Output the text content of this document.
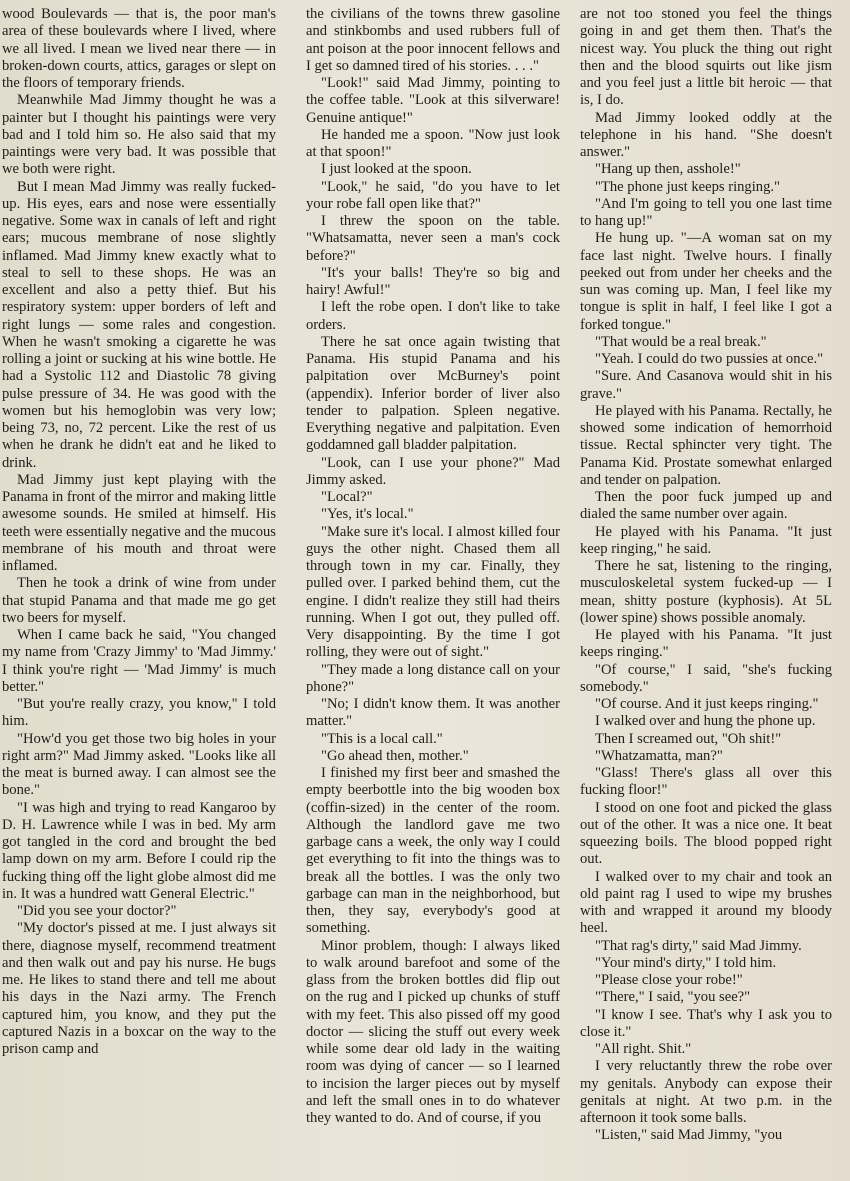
wood Boulevards — that is, the poor man's area of these boulevards where I lived, where we all lived. I mean we lived near there — in broken-down courts, attics, garages or slept on the floors of temporary friends.

Meanwhile Mad Jimmy thought he was a painter but I thought his paintings were very bad and I told him so. He also said that my paintings were very bad. It was possible that we both were right.

But I mean Mad Jimmy was really fucked-up. His eyes, ears and nose were essentially negative. Some wax in canals of left and right ears; mucous membrane of nose slightly inflamed. Mad Jimmy knew exactly what to steal to sell to these shops. He was an excellent and also a petty thief. But his respiratory system: upper borders of left and right lungs — some rales and congestion. When he wasn't smoking a cigarette he was rolling a joint or sucking at his wine bottle. He had a Systolic 112 and Diastolic 78 giving pulse pressure of 34. He was good with the women but his hemoglobin was very low; being 73, no, 72 percent. Like the rest of us when he drank he didn't eat and he liked to drink.

Mad Jimmy just kept playing with the Panama in front of the mirror and making little awesome sounds. He smiled at himself. His teeth were essentially negative and the mucous membrane of his mouth and throat were inflamed.

Then he took a drink of wine from under that stupid Panama and that made me go get two beers for myself.

When I came back he said, "You changed my name from 'Crazy Jimmy' to 'Mad Jimmy.' I think you're right — 'Mad Jimmy' is much better."

"But you're really crazy, you know," I told him.

"How'd you get those two big holes in your right arm?" Mad Jimmy asked. "Looks like all the meat is burned away. I can almost see the bone."

"I was high and trying to read Kangaroo by D. H. Lawrence while I was in bed. My arm got tangled in the cord and brought the bed lamp down on my arm. Before I could rip the fucking thing off the light globe almost did me in. It was a hundred watt General Electric."

"Did you see your doctor?"

"My doctor's pissed at me. I just always sit there, diagnose myself, recommend treatment and then walk out and pay his nurse. He bugs me. He likes to stand there and tell me about his days in the Nazi army. The French captured him, you know, and they put the captured Nazis in a boxcar on the way to the prison camp and

the civilians of the towns threw gasoline and stinkbombs and used rubbers full of ant poison at the poor innocent fellows and I get so damned tired of his stories. . . ."

"Look!" said Mad Jimmy, pointing to the coffee table. "Look at this silverware! Genuine antique!"

He handed me a spoon. "Now just look at that spoon!"

I just looked at the spoon.

"Look," he said, "do you have to let your robe fall open like that?"

I threw the spoon on the table. "Whatsamatta, never seen a man's cock before?"

"It's your balls! They're so big and hairy! Awful!"

I left the robe open. I don't like to take orders.

There he sat once again twisting that Panama. His stupid Panama and his palpitation over McBurney's point (appendix). Inferior border of liver also tender to palpation. Spleen negative. Everything negative and palpitation. Even goddamned gall bladder palpitation.

"Look, can I use your phone?" Mad Jimmy asked.

"Local?"

"Yes, it's local."

"Make sure it's local. I almost killed four guys the other night. Chased them all through town in my car. Finally, they pulled over. I parked behind them, cut the engine. I didn't realize they still had theirs running. When I got out, they pulled off. Very disappointing. By the time I got rolling, they were out of sight."

"They made a long distance call on your phone?"

"No; I didn't know them. It was another matter."

"This is a local call."

"Go ahead then, mother."

I finished my first beer and smashed the empty beerbottle into the big wooden box (coffin-sized) in the center of the room. Although the landlord gave me two garbage cans a week, the only way I could get everything to fit into the things was to break all the bottles. I was the only two garbage can man in the neighborhood, but then, they say, everybody's good at something.

Minor problem, though: I always liked to walk around barefoot and some of the glass from the broken bottles did flip out on the rug and I picked up chunks of stuff with my feet. This also pissed off my good doctor — slicing the stuff out every week while some dear old lady in the waiting room was dying of cancer — so I learned to incision the larger pieces out by myself and left the small ones in to do whatever they wanted to do. And of course, if you

are not too stoned you feel the things going in and get them then. That's the nicest way. You pluck the thing out right then and the blood squirts out like jism and you feel just a little bit heroic — that is, I do.

Mad Jimmy looked oddly at the telephone in his hand. "She doesn't answer."

"Hang up then, asshole!"

"The phone just keeps ringing."

"And I'm going to tell you one last time to hang up!"

He hung up. "—A woman sat on my face last night. Twelve hours. I finally peeked out from under her cheeks and the sun was coming up. Man, I feel like my tongue is split in half, I feel like I got a forked tongue."

"That would be a real break."

"Yeah. I could do two pussies at once."

"Sure. And Casanova would shit in his grave."

He played with his Panama. Rectally, he showed some indication of hemorrhoid tissue. Rectal sphincter very tight. The Panama Kid. Prostate somewhat enlarged and tender on palpation.

Then the poor fuck jumped up and dialed the same number over again.

He played with his Panama. "It just keep ringing," he said.

There he sat, listening to the ringing, musculoskeletal system fucked-up — I mean, shitty posture (kyphosis). At 5L (lower spine) shows possible anomaly.

He played with his Panama. "It just keeps ringing."

"Of course," I said, "she's fucking somebody."

"Of course. And it just keeps ringing."

I walked over and hung the phone up.

Then I screamed out, "Oh shit!"

"Whatzamatta, man?"

"Glass! There's glass all over this fucking floor!"

I stood on one foot and picked the glass out of the other. It was a nice one. It beat squeezing boils. The blood popped right out.

I walked over to my chair and took an old paint rag I used to wipe my brushes with and wrapped it around my bloody heel.

"That rag's dirty," said Mad Jimmy.

"Your mind's dirty," I told him.

"Please close your robe!"

"There," I said, "you see?"

"I know I see. That's why I ask you to close it."

"All right. Shit."

I very reluctantly threw the robe over my genitals. Anybody can expose their genitals at night. At two p.m. in the afternoon it took some balls.

"Listen," said Mad Jimmy, "you
